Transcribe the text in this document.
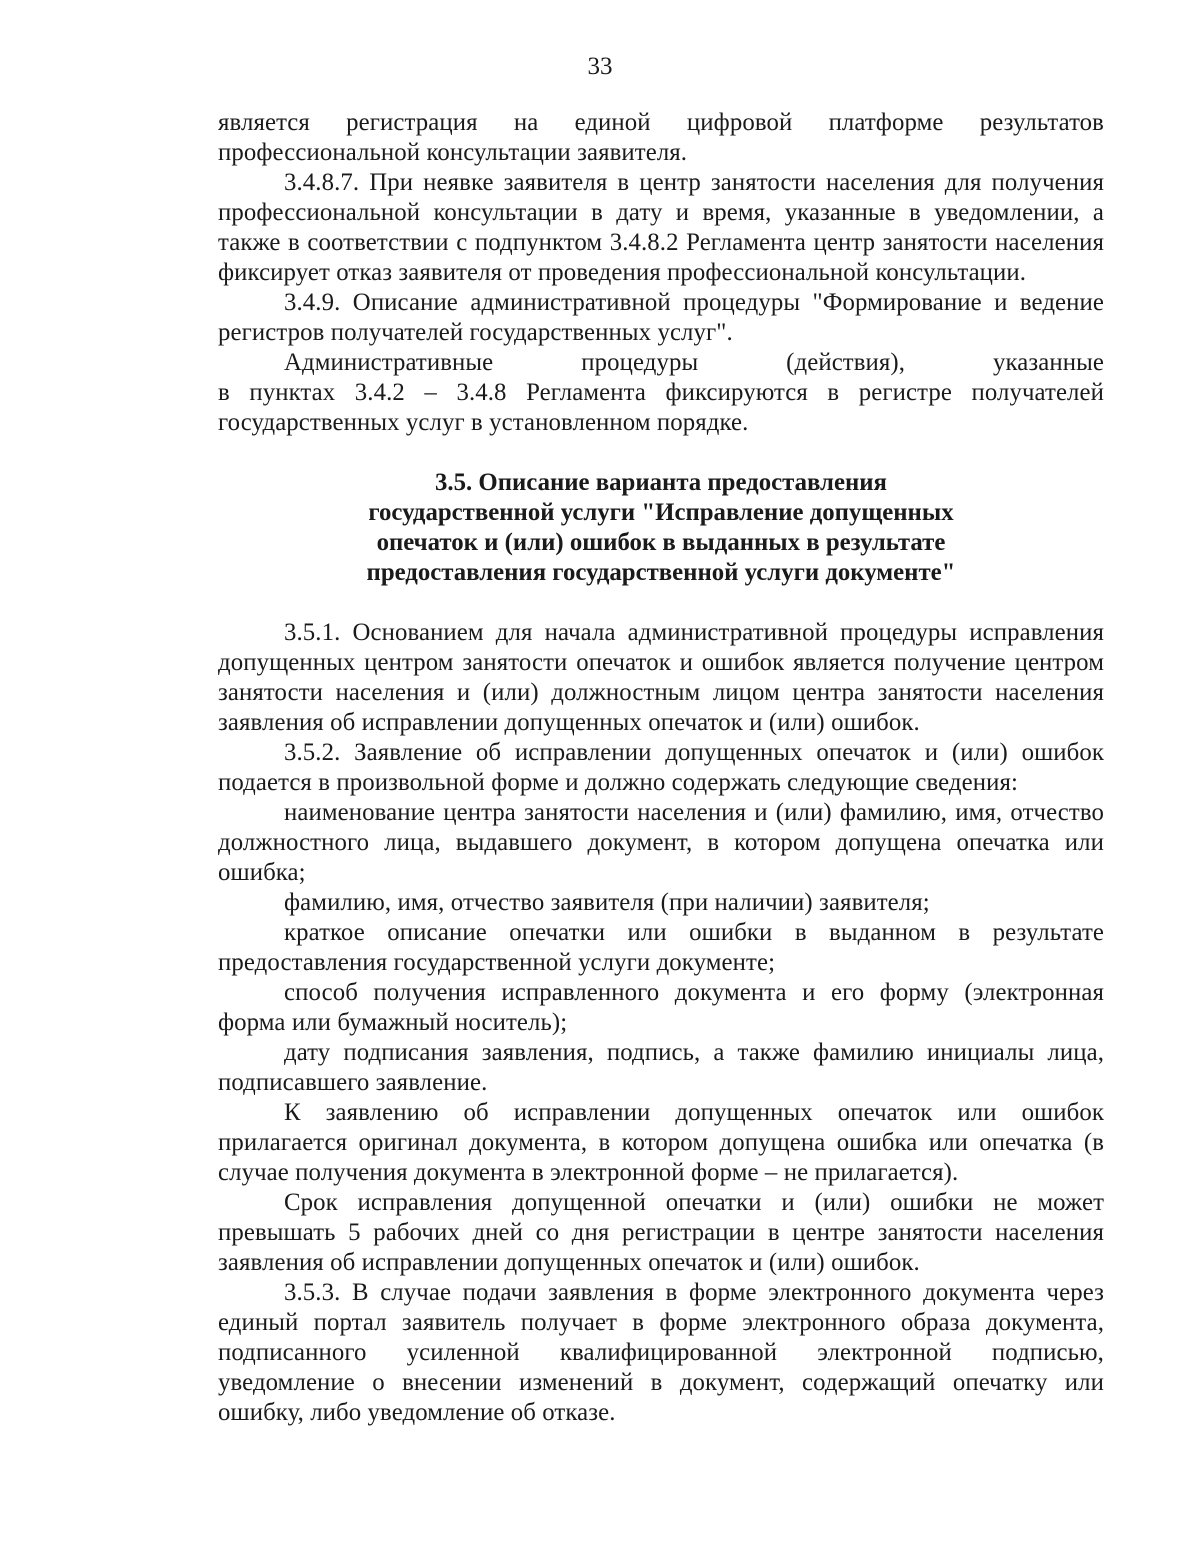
33

является регистрация на единой цифровой платформе результатов профессиональной консультации заявителя.

3.4.8.7. При неявке заявителя в центр занятости населения для получения профессиональной консультации в дату и время, указанные в уведомлении, а также в соответствии с подпунктом 3.4.8.2 Регламента центр занятости населения фиксирует отказ заявителя от проведения профессиональной консультации.

3.4.9. Описание административной процедуры "Формирование и ведение регистров получателей государственных услуг".

Административные процедуры (действия), указанные

в пунктах 3.4.2 – 3.4.8 Регламента фиксируются в регистре получателей государственных услуг в установленном порядке.

3.5. Описание варианта предоставления
государственной услуги "Исправление допущенных
опечаток и (или) ошибок в выданных в результате
предоставления государственной услуги документе"

3.5.1. Основанием для начала административной процедуры исправления допущенных центром занятости опечаток и ошибок является получение центром занятости населения и (или) должностным лицом центра занятости населения заявления об исправлении допущенных опечаток и (или) ошибок.

3.5.2. Заявление об исправлении допущенных опечаток и (или) ошибок подается в произвольной форме и должно содержать следующие сведения:

наименование центра занятости населения и (или) фамилию, имя, отчество должностного лица, выдавшего документ, в котором допущена опечатка или ошибка;

фамилию, имя, отчество заявителя (при наличии) заявителя;

краткое описание опечатки или ошибки в выданном в результате предоставления государственной услуги документе;

способ получения исправленного документа и его форму (электронная форма или бумажный носитель);

дату подписания заявления, подпись, а также фамилию инициалы лица, подписавшего заявление.

К заявлению об исправлении допущенных опечаток или ошибок прилагается оригинал документа, в котором допущена ошибка или опечатка (в случае получения документа в электронной форме – не прилагается).

Срок исправления допущенной опечатки и (или) ошибки не может превышать 5 рабочих дней со дня регистрации в центре занятости населения заявления об исправлении допущенных опечаток и (или) ошибок.

3.5.3. В случае подачи заявления в форме электронного документа через единый портал заявитель получает в форме электронного образа документа, подписанного усиленной квалифицированной электронной подписью, уведомление о внесении изменений в документ, содержащий опечатку или ошибку, либо уведомление об отказе.
